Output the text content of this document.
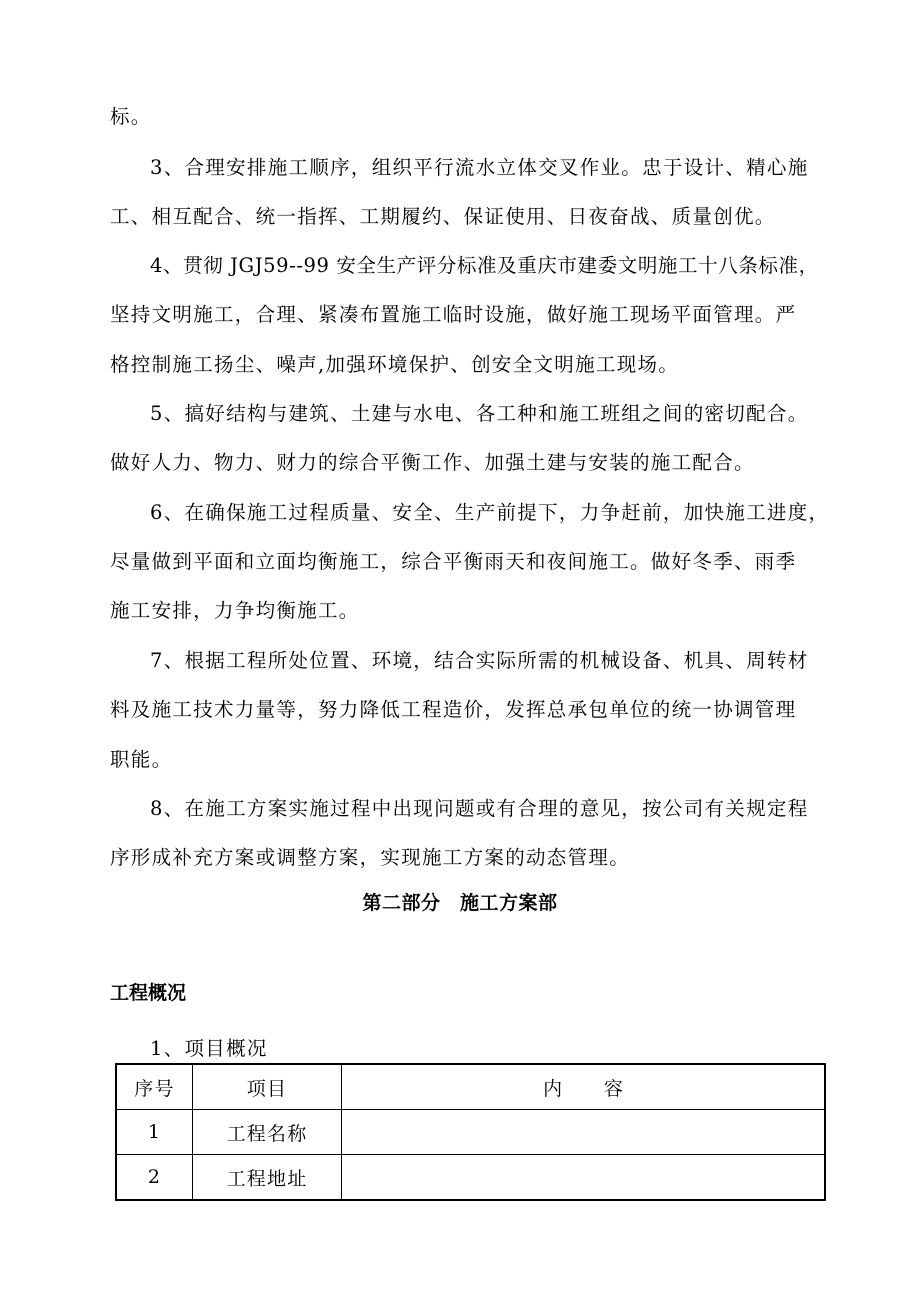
标。
3、合理安排施工顺序，组织平行流水立体交叉作业。忠于设计、精心施
工、相互配合、统一指挥、工期履约、保证使用、日夜奋战、质量创优。
4、贯彻 JGJ59--99 安全生产评分标准及重庆市建委文明施工十八条标准，
坚持文明施工，合理、紧凑布置施工临时设施，做好施工现场平面管理。严
格控制施工扬尘、噪声,加强环境保护、创安全文明施工现场。
5、搞好结构与建筑、土建与水电、各工种和施工班组之间的密切配合。
做好人力、物力、财力的综合平衡工作、加强土建与安装的施工配合。
6、在确保施工过程质量、安全、生产前提下，力争赶前，加快施工进度，
尽量做到平面和立面均衡施工，综合平衡雨天和夜间施工。做好冬季、雨季
施工安排，力争均衡施工。
7、根据工程所处位置、环境，结合实际所需的机械设备、机具、周转材
料及施工技术力量等，努力降低工程造价，发挥总承包单位的统一协调管理
职能。
8、在施工方案实施过程中出现问题或有合理的意见，按公司有关规定程
序形成补充方案或调整方案，实现施工方案的动态管理。
第二部分　施工方案部
工程概况
1、项目概况
序号	项目	内容
1	工程名称	
2	工程地址	
